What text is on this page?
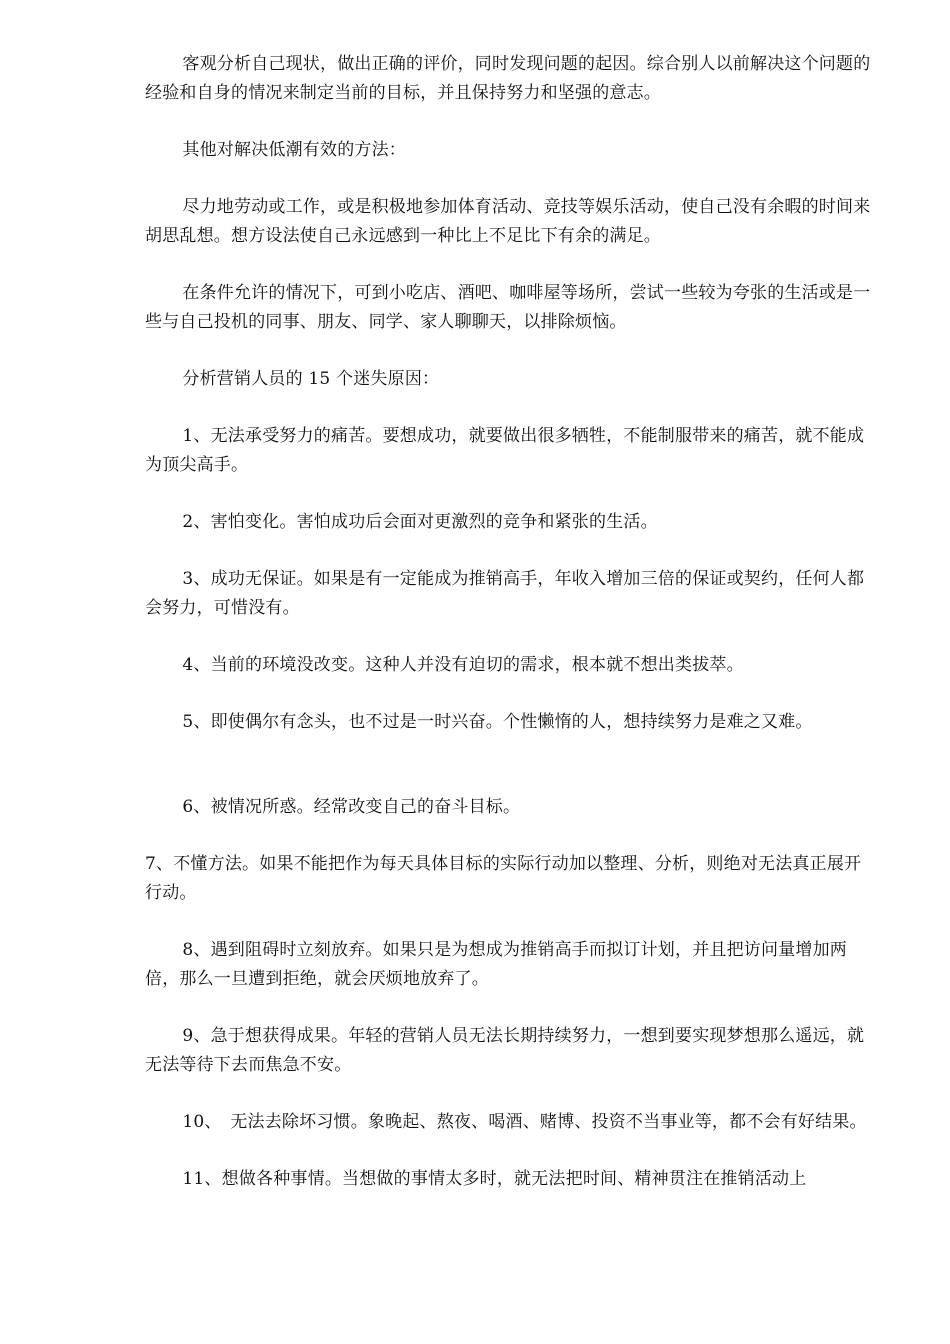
客观分析自己现状，做出正确的评价，同时发现问题的起因。综合别人以前解决这个问题的经验和自身的情况来制定当前的目标，并且保持努力和坚强的意志。

其他对解决低潮有效的方法：

尽力地劳动或工作，或是积极地参加体育活动、竞技等娱乐活动，使自己没有余暇的时间来胡思乱想。想方设法使自己永远感到一种比上不足比下有余的满足。

在条件允许的情况下，可到小吃店、酒吧、咖啡屋等场所，尝试一些较为夸张的生活或是一些与自己投机的同事、朋友、同学、家人聊聊天，以排除烦恼。

分析营销人员的 15 个迷失原因：

1、无法承受努力的痛苦。要想成功，就要做出很多牺牲，不能制服带来的痛苦，就不能成为顶尖高手。

2、害怕变化。害怕成功后会面对更激烈的竞争和紧张的生活。

3、成功无保证。如果是有一定能成为推销高手，年收入增加三倍的保证或契约，任何人都会努力，可惜没有。

4、当前的环境没改变。这种人并没有迫切的需求，根本就不想出类拔萃。

5、即使偶尔有念头，也不过是一时兴奋。个性懒惰的人，想持续努力是难之又难。

6、被情况所惑。经常改变自己的奋斗目标。

7、不懂方法。如果不能把作为每天具体目标的实际行动加以整理、分析，则绝对无法真正展开行动。

8、遇到阻碍时立刻放弃。如果只是为想成为推销高手而拟订计划，并且把访问量增加两倍，那么一旦遭到拒绝，就会厌烦地放弃了。

9、急于想获得成果。年轻的营销人员无法长期持续努力，一想到要实现梦想那么遥远，就无法等待下去而焦急不安。

10、　无法去除坏习惯。象晚起、熬夜、喝酒、赌博、投资不当事业等，都不会有好结果。

11、想做各种事情。当想做的事情太多时，就无法把时间、精神贯注在推销活动上
